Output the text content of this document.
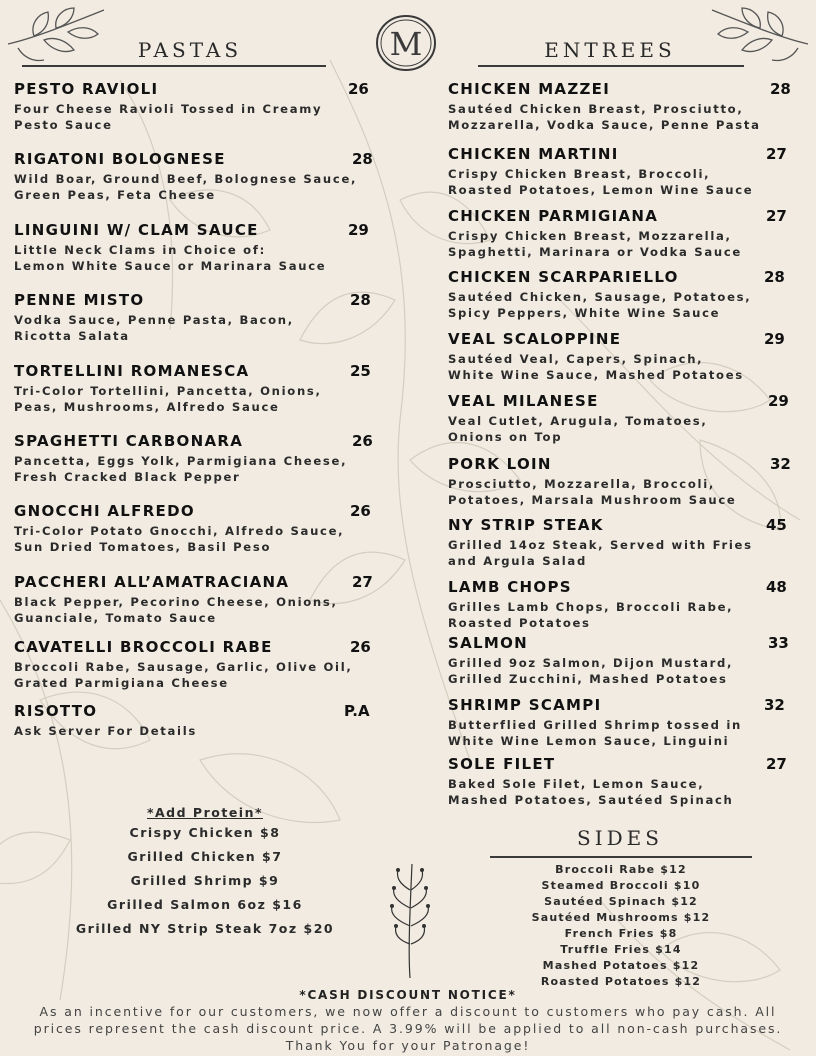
M
PASTAS	ENTREES
PESTO RAVIOLI	26
Four Cheese Ravioli Tossed in Creamy
Pesto Sauce
RIGATONI BOLOGNESE	28
Wild Boar, Ground Beef, Bolognese Sauce,
Green Peas, Feta Cheese
LINGUINI W/ CLAM SAUCE	29
Little Neck Clams in Choice of:
Lemon White Sauce or Marinara Sauce
PENNE MISTO	28
Vodka Sauce, Penne Pasta, Bacon,
Ricotta Salata
TORTELLINI ROMANESCA	25
Tri-Color Tortellini, Pancetta, Onions,
Peas, Mushrooms, Alfredo Sauce
SPAGHETTI CARBONARA	26
Pancetta, Eggs Yolk, Parmigiana Cheese,
Fresh Cracked Black Pepper
GNOCCHI ALFREDO	26
Tri-Color Potato Gnocchi, Alfredo Sauce,
Sun Dried Tomatoes, Basil Peso
PACCHERI ALL’AMATRACIANA	27
Black Pepper, Pecorino Cheese, Onions,
Guanciale, Tomato Sauce
CAVATELLI BROCCOLI RABE	26
Broccoli Rabe, Sausage, Garlic, Olive Oil,
Grated Parmigiana Cheese
RISOTTO	P.A
Ask Server For Details
CHICKEN MAZZEI	28
Sautéed Chicken Breast, Prosciutto,
Mozzarella, Vodka Sauce, Penne Pasta
CHICKEN MARTINI	27
Crispy Chicken Breast, Broccoli,
Roasted Potatoes, Lemon Wine Sauce
CHICKEN PARMIGIANA	27
Crispy Chicken Breast, Mozzarella,
Spaghetti, Marinara or Vodka Sauce
CHICKEN SCARPARIELLO	28
Sautéed Chicken, Sausage, Potatoes,
Spicy Peppers, White Wine Sauce
VEAL SCALOPPINE	29
Sautéed Veal, Capers, Spinach,
White Wine Sauce, Mashed Potatoes
VEAL MILANESE	29
Veal Cutlet, Arugula, Tomatoes,
Onions on Top
PORK LOIN	32
Prosciutto, Mozzarella, Broccoli,
Potatoes, Marsala Mushroom Sauce
NY STRIP STEAK	45
Grilled 14oz Steak, Served with Fries
and Argula Salad
LAMB CHOPS	48
Grilles Lamb Chops, Broccoli Rabe,
Roasted Potatoes
SALMON	33
Grilled 9oz Salmon, Dijon Mustard,
Grilled Zucchini, Mashed Potatoes
SHRIMP SCAMPI	32
Butterflied Grilled Shrimp tossed in
White Wine Lemon Sauce, Linguini
SOLE FILET	27
Baked Sole Filet, Lemon Sauce,
Mashed Potatoes, Sautéed Spinach
*Add Protein*
Crispy Chicken $8
Grilled Chicken $7
Grilled Shrimp $9
Grilled Salmon 6oz $16
Grilled NY Strip Steak 7oz $20
SIDES
Broccoli Rabe $12
Steamed Broccoli $10
Sautéed Spinach $12
Sautéed Mushrooms $12
French Fries $8
Truffle Fries $14
Mashed Potatoes $12
Roasted Potatoes $12
*CASH DISCOUNT NOTICE*
As an incentive for our customers, we now offer a discount to customers who pay cash. All
prices represent the cash discount price. A 3.99% will be applied to all non-cash purchases.
Thank You for your Patronage!
